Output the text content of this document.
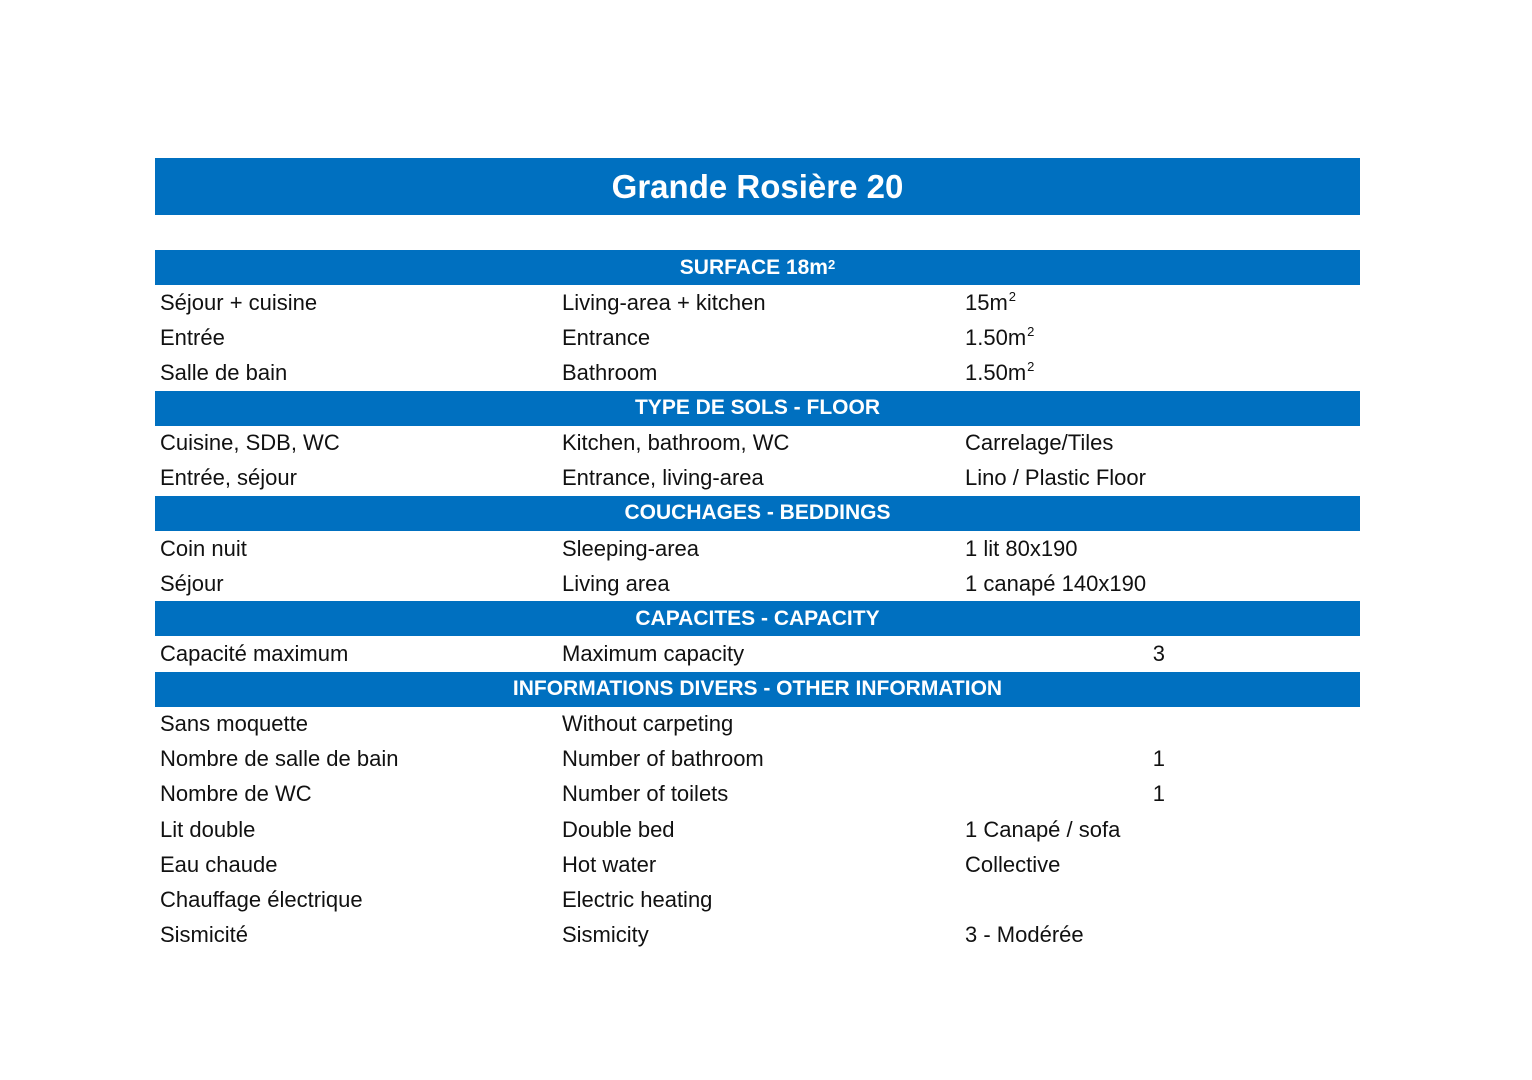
Grande Rosière 20
SURFACE $18m^2$
Séjour + cuisine	Living-area + kitchen	$15m^2$
Entrée	Entrance	$1.50m^2$
Salle de bain	Bathroom	$1.50m^2$
TYPE DE SOLS - FLOOR
Cuisine, SDB, WC	Kitchen, bathroom, WC	Carrelage/Tiles
Entrée, séjour	Entrance, living-area	Lino / Plastic Floor
COUCHAGES - BEDDINGS
Coin nuit	Sleeping-area	1 lit 80x190
Séjour	Living area	1 canapé 140x190
CAPACITES - CAPACITY
Capacité maximum	Maximum capacity	3
INFORMATIONS DIVERS - OTHER INFORMATION
Sans moquette	Without carpeting
Nombre de salle de bain	Number of bathroom	1
Nombre de WC	Number of toilets	1
Lit double	Double bed	1 Canapé / sofa
Eau chaude	Hot water	Collective
Chauffage électrique	Electric heating
Sismicité	Sismicity	3 - Modérée
